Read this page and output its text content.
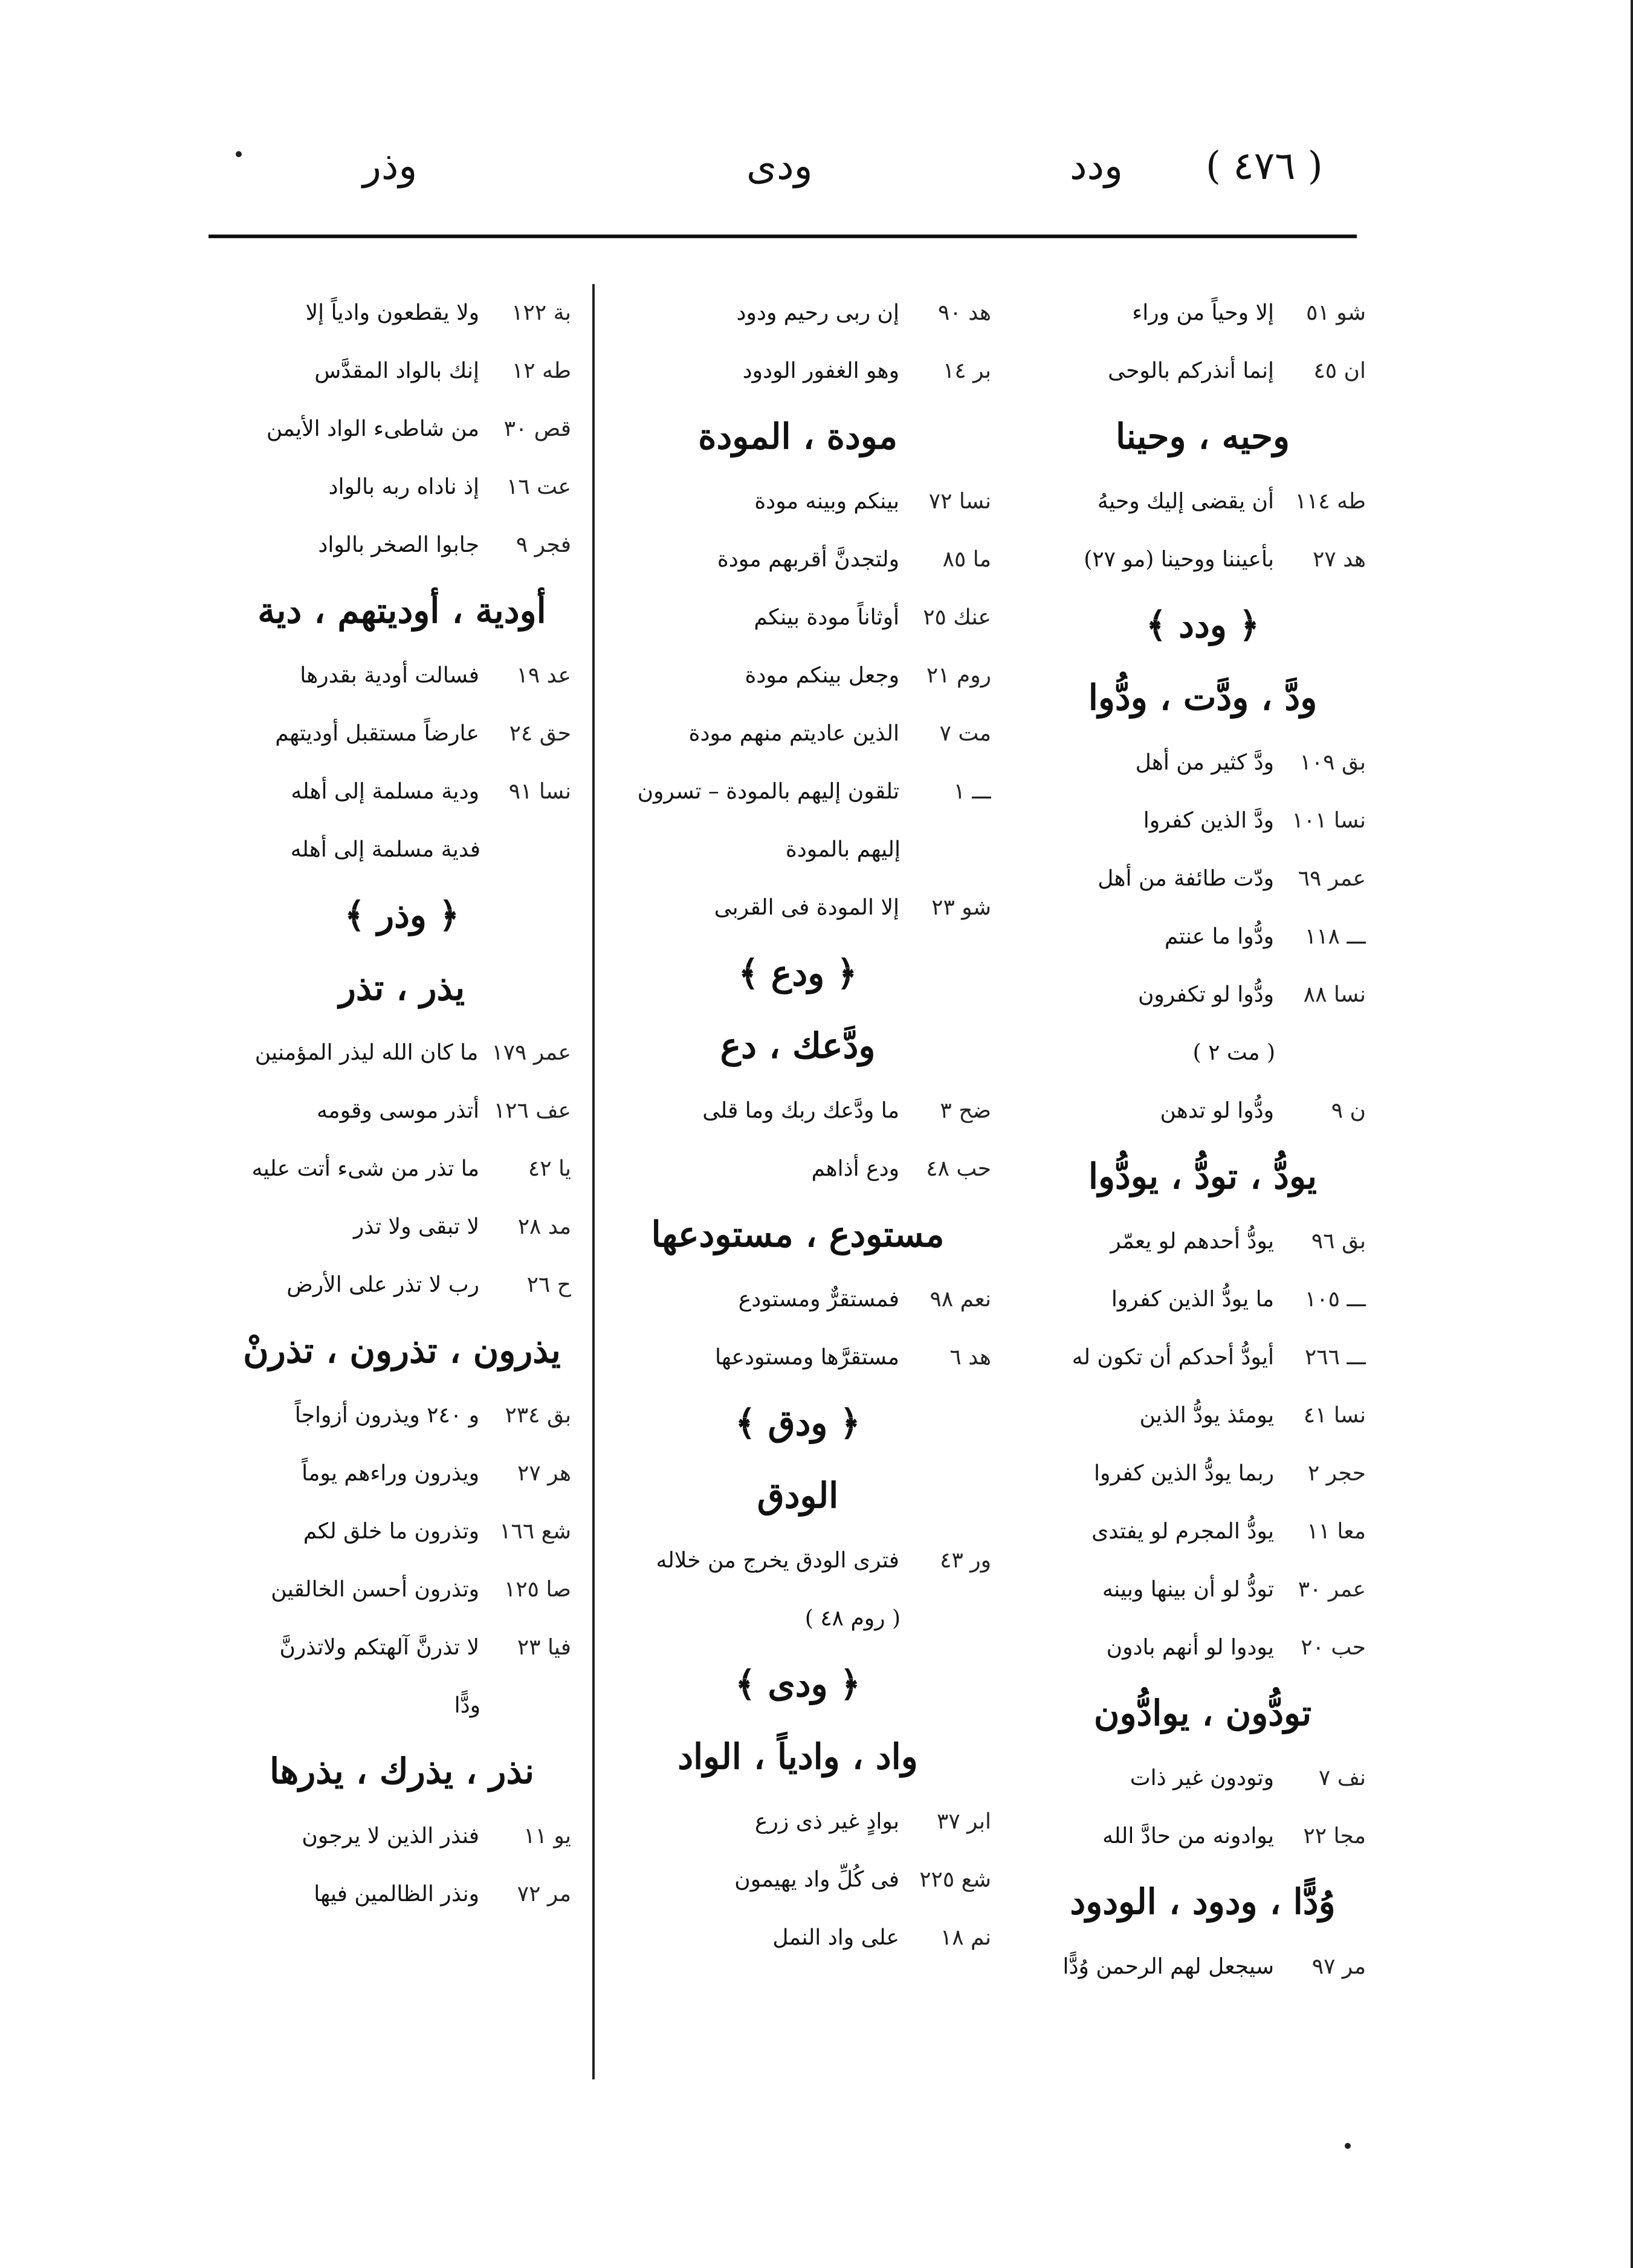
( ٤٧٦ )
ودد
ودى
وذر
شو ٥١
إلا وحياً من وراء
ان ٤٥
إنما أنذركم بالوحى
وحيه ، وحينا
طه ١١٤
أن يقضى إليك وحيهُ
هد ٢٧
بأعيننا ووحينا (مو ٢٧)
﴿ ودد ﴾
ودَّ ، ودَّت ، ودُّوا
بق ١٠٩
ودَّ كثير من أهل
نسا ١٠١
ودَّ الذين كفروا
عمر ٦٩
ودّت طائفة من أهل
ـــ ١١٨
ودُّوا ما عنتم
نسا ٨٨
ودُّوا لو تكفرون
( مت ٢ )
ن ٩
ودُّوا لو تدهن
يودُّ ، تودُّ ، يودُّوا
بق ٩٦
يودُّ أحدهم لو يعمّر
ـــ ١٠٥
ما يودُّ الذين كفروا
ـــ ٢٦٦
أيودُّ أحدكم أن تكون له
نسا ٤١
يومئذ يودُّ الذين
حجر ٢
ربما يودُّ الذين كفروا
معا ١١
يودُّ المجرم لو يفتدى
عمر ٣٠
تودُّ لو أن بينها وبينه
حب ٢٠
يودوا لو أنهم بادون
تودُّون ، يوادُّون
نف ٧
وتودون غير ذات
مجا ٢٢
يوادونه من حادَّ الله
وُدًّا ، ودود ، الودود
مر ٩٧
سيجعل لهم الرحمن وُدًّا
هد ٩٠
إن ربى رحيم ودود
بر ١٤
وهو الغفور الودود
مودة ، المودة
نسا ٧٢
بينكم وبينه مودة
ما ٨٥
ولتجدنَّ أقربهم مودة
عنك ٢٥
أوثاناً مودة بينكم
روم ٢١
وجعل بينكم مودة
مت ٧
الذين عاديتم منهم مودة
ـــ ١
تلقون إليهم بالمودة – تسرون
إليهم بالمودة
شو ٢٣
إلا المودة فى القربى
﴿ ودع ﴾
ودَّعك ، دع
ضح ٣
ما ودَّعك ربك وما قلى
حب ٤٨
ودع أذاهم
مستودع ، مستودعها
نعم ٩٨
فمستقرٌّ ومستودع
هد ٦
مستقرَّها ومستودعها
﴿ ودق ﴾
الودق
ور ٤٣
فترى الودق يخرج من خلاله
( روم ٤٨ )
﴿ ودى ﴾
واد ، وادياً ، الواد
ابر ٣٧
بوادٍ غير ذى زرع
شع ٢٢٥
فى كُلِّ واد يهيمون
نم ١٨
على واد النمل
بة ١٢٢
ولا يقطعون وادياً إلا
طه ١٢
إنك بالواد المقدَّس
قص ٣٠
من شاطىء الواد الأيمن
عت ١٦
إذ ناداه ربه بالواد
فجر ٩
جابوا الصخر بالواد
أودية ، أوديتهم ، دية
عد ١٩
فسالت أودية بقدرها
حق ٢٤
عارضاً مستقبل أوديتهم
نسا ٩١
ودية مسلمة إلى أهله
فدية مسلمة إلى أهله
﴿ وذر ﴾
يذر ، تذر
عمر ١٧٩
ما كان الله ليذر المؤمنين
عف ١٢٦
أتذر موسى وقومه
يا ٤٢
ما تذر من شىء أتت عليه
مد ٢٨
لا تبقى ولا تذر
ح ٢٦
رب لا تذر على الأرض
يذرون ، تذرون ، تذرنْ
بق ٢٣٤
و ٢٤٠ ويذرون أزواجاً
هر ٢٧
ويذرون وراءهم يوماً
شع ١٦٦
وتذرون ما خلق لكم
صا ١٢٥
وتذرون أحسن الخالقين
فيا ٢٣
لا تذرنَّ آلهتكم ولاتذرنَّ
ودًّا
نذر ، يذرك ، يذرها
يو ١١
فنذر الذين لا يرجون
مر ٧٢
ونذر الظالمين فيها
